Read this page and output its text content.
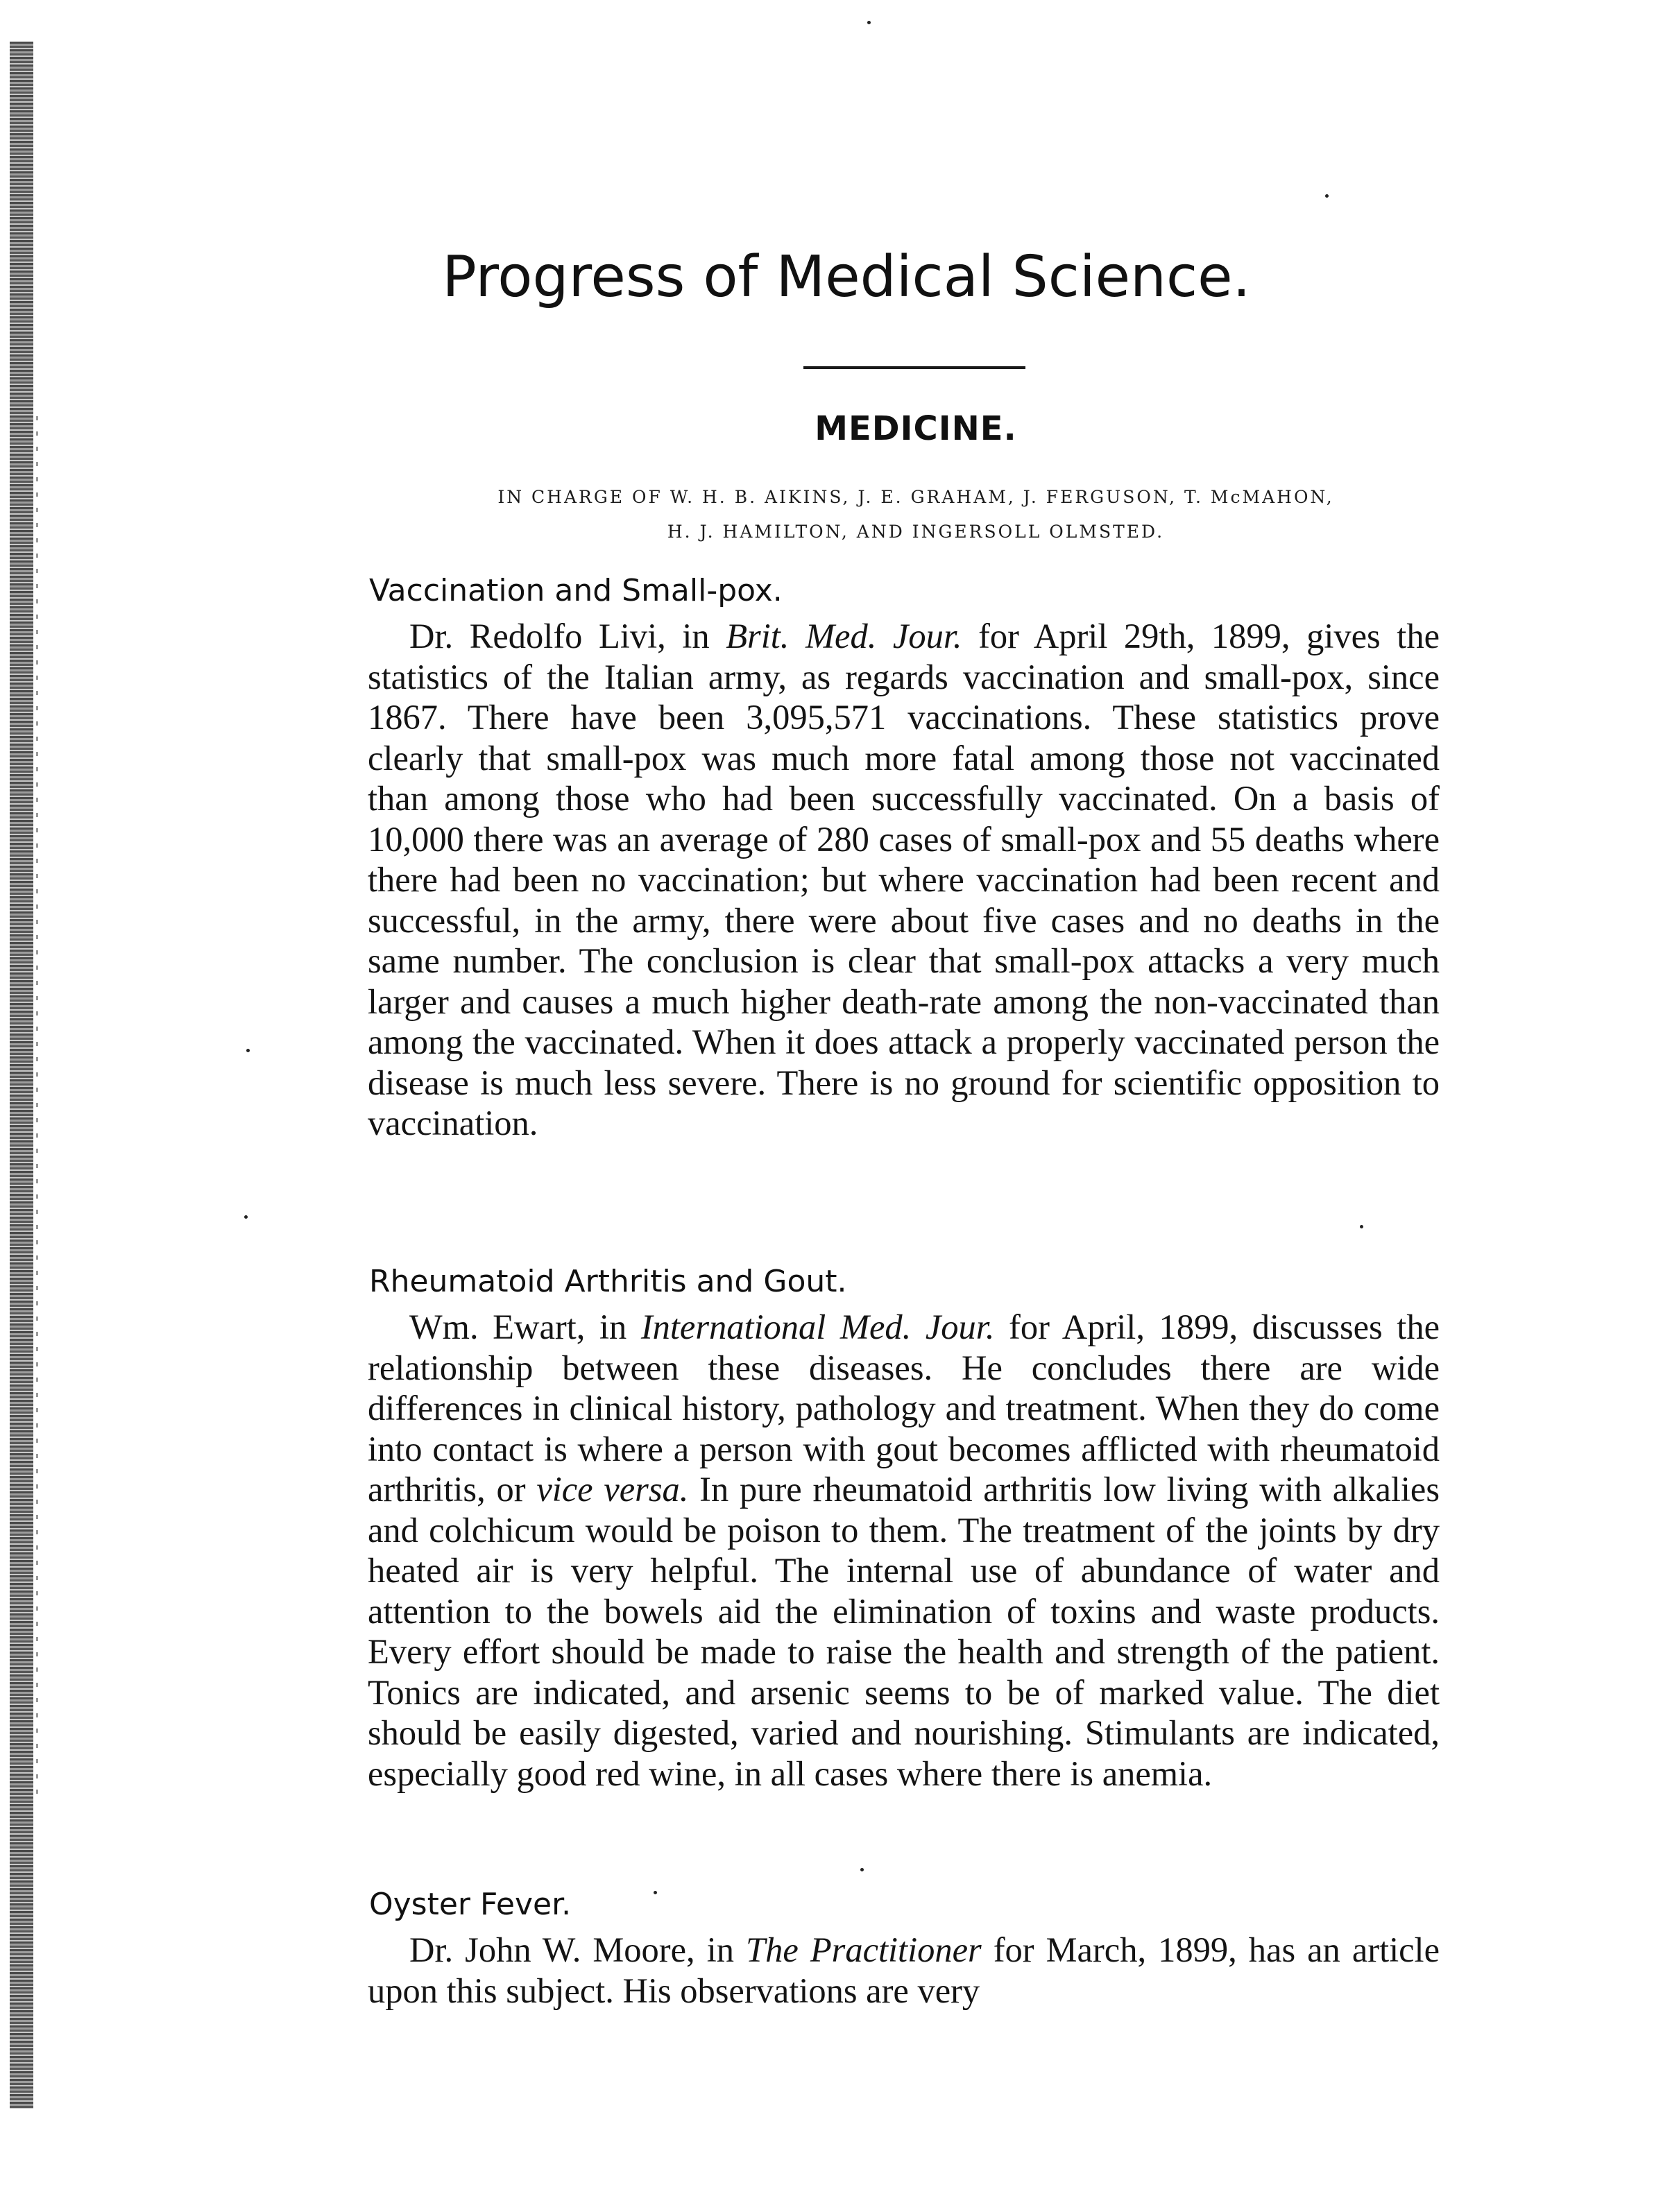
Progress of Medical Science.
MEDICINE.
IN CHARGE OF W. H. B. AIKINS, J. E. GRAHAM, J. FERGUSON, T. McMAHON,
H. J. HAMILTON, AND INGERSOLL OLMSTED.
Vaccination and Small-pox.
Dr. Redolfo Livi, in Brit. Med. Jour. for April 29th, 1899, gives the statistics of the Italian army, as regards vaccination and small-pox, since 1867. There have been 3,095,571 vaccinations. These statistics prove clearly that small-pox was much more fatal among those not vaccinated than among those who had been successfully vaccinated. On a basis of 10,000 there was an average of 280 cases of small-pox and 55 deaths where there had been no vaccination; but where vaccination had been recent and successful, in the army, there were about five cases and no deaths in the same number. The conclusion is clear that small-pox attacks a very much larger and causes a much higher death-rate among the non-vaccinated than among the vaccinated. When it does attack a properly vaccinated person the disease is much less severe. There is no ground for scientific opposition to vaccination.
Rheumatoid Arthritis and Gout.
Wm. Ewart, in International Med. Jour. for April, 1899, discusses the relationship between these diseases. He concludes there are wide differences in clinical history, pathology and treatment. When they do come into contact is where a person with gout becomes afflicted with rheumatoid arthritis, or vice versa. In pure rheumatoid arthritis low living with alkalies and colchicum would be poison to them. The treatment of the joints by dry heated air is very helpful. The internal use of abundance of water and attention to the bowels aid the elimination of toxins and waste products. Every effort should be made to raise the health and strength of the patient. Tonics are indicated, and arsenic seems to be of marked value. The diet should be easily digested, varied and nourishing. Stimulants are indicated, especially good red wine, in all cases where there is anemia.
Oyster Fever.
Dr. John W. Moore, in The Practitioner for March, 1899, has an article upon this subject. His observations are very
